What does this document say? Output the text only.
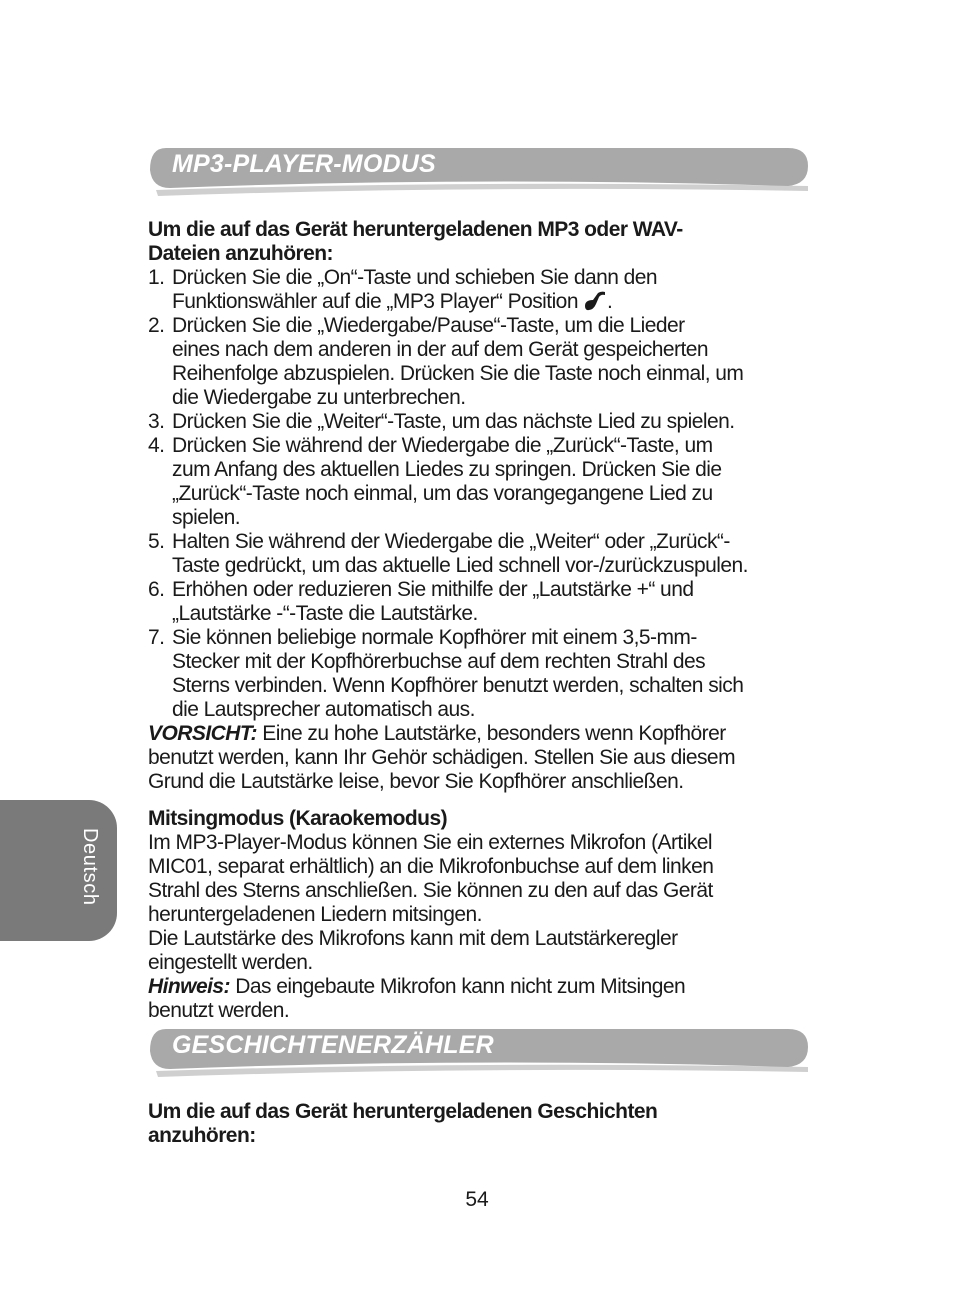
Deutsch
MP3-PLAYER-MODUS

Um die auf das Gerät heruntergeladenen MP3 oder WAV-

Dateien anzuhören:

1. Drücken Sie die „On“-Taste und schieben Sie dann den
Funktionswähler auf die „MP3 Player“ Position .
2. Drücken Sie die „Wiedergabe/Pause“-Taste, um die Lieder
eines nach dem anderen in der auf dem Gerät gespeicherten
Reihenfolge abzuspielen. Drücken Sie die Taste noch einmal, um
die Wiedergabe zu unterbrechen.
3. Drücken Sie die „Weiter“-Taste, um das nächste Lied zu spielen.
4. Drücken Sie während der Wiedergabe die „Zurück“-Taste, um
zum Anfang des aktuellen Liedes zu springen. Drücken Sie die
„Zurück“-Taste noch einmal, um das vorangegangene Lied zu
spielen.
5. Halten Sie während der Wiedergabe die „Weiter“ oder „Zurück“-
Taste gedrückt, um das aktuelle Lied schnell vor-/zurückzuspulen.
6. Erhöhen oder reduzieren Sie mithilfe der „Lautstärke +“ und
„Lautstärke -“-Taste die Lautstärke.
7. Sie können beliebige normale Kopfhörer mit einem 3,5-mm-
Stecker mit der Kopfhörerbuchse auf dem rechten Strahl des
Sterns verbinden. Wenn Kopfhörer benutzt werden, schalten sich
die Lautsprecher automatisch aus.

VORSICHT: Eine zu hohe Lautstärke, besonders wenn Kopfhörer

benutzt werden, kann Ihr Gehör schädigen. Stellen Sie aus diesem

Grund die Lautstärke leise, bevor Sie Kopfhörer anschließen.

Mitsingmodus (Karaokemodus)

Im MP3-Player-Modus können Sie ein externes Mikrofon (Artikel

MIC01, separat erhältlich) an die Mikrofonbuchse auf dem linken

Strahl des Sterns anschließen. Sie können zu den auf das Gerät

heruntergeladenen Liedern mitsingen.

Die Lautstärke des Mikrofons kann mit dem Lautstärkeregler

eingestellt werden.

Hinweis: Das eingebaute Mikrofon kann nicht zum Mitsingen

benutzt werden.

GESCHICHTENERZÄHLER

Um die auf das Gerät heruntergeladenen Geschichten

anzuhören:

54
